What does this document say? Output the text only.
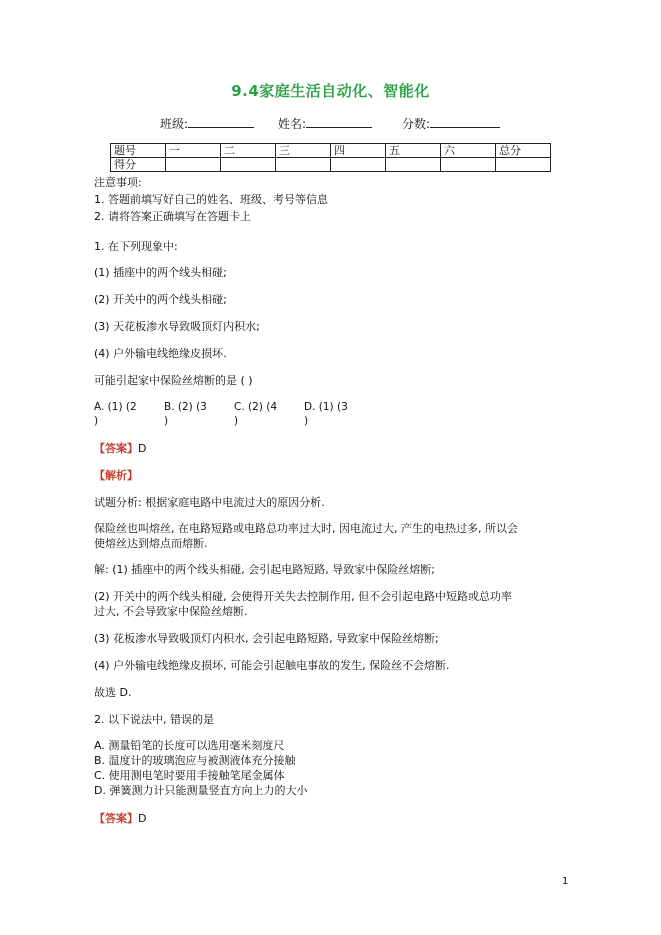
9.4家庭生活自动化、智能化
班级:	姓名:	分数:
题号	一	二	三	四	五	六	总分
得分							
注意事项:
1. 答题前填写好自己的姓名、班级、考号等信息
2. 请将答案正确填写在答题卡上
1. 在下列现象中:
(1) 插座中的两个线头相碰;
(2) 开关中的两个线头相碰;
(3) 天花板渗水导致吸顶灯内积水;
(4) 户外输电线绝缘皮损坏.
可能引起家中保险丝熔断的是 ( )
A. (1) (2	B. (2) (3	C. (2) (4	D. (1) (3
)	)	)	)
【答案】D
【解析】
试题分析: 根据家庭电路中电流过大的原因分析.
保险丝也叫熔丝, 在电路短路或电路总功率过大时, 因电流过大, 产生的电热过多, 所以会
使熔丝达到熔点而熔断.
解: (1) 插座中的两个线头相碰, 会引起电路短路, 导致家中保险丝熔断;
(2) 开关中的两个线头相碰, 会使得开关失去控制作用, 但不会引起电路中短路或总功率
过大, 不会导致家中保险丝熔断.
(3) 花板渗水导致吸顶灯内积水, 会引起电路短路, 导致家中保险丝熔断;
(4) 户外输电线绝缘皮损坏, 可能会引起触电事故的发生, 保险丝不会熔断.
故选 D.
2. 以下说法中, 错误的是
A. 测量铅笔的长度可以选用毫米刻度尺
B. 温度计的玻璃泡应与被测液体充分接触
C. 使用测电笔时要用手接触笔尾金属体
D. 弹簧测力计只能测量竖直方向上力的大小
【答案】D
1
